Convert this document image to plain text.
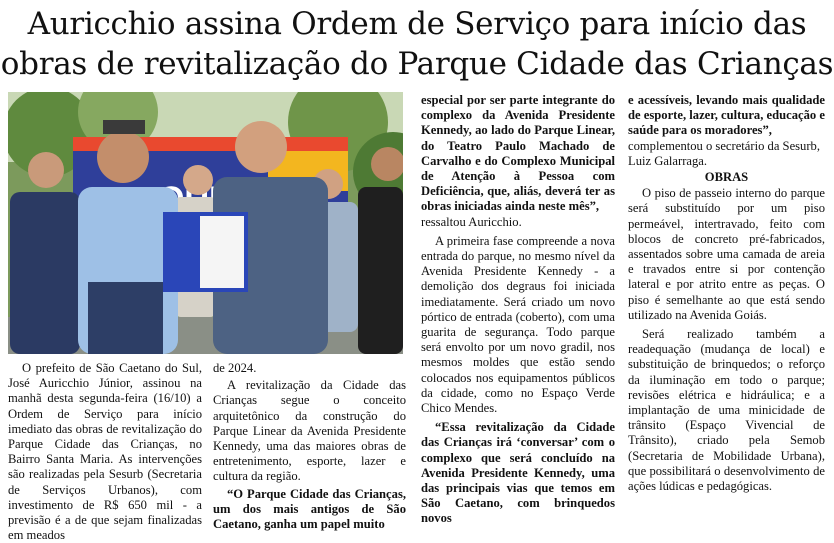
Auricchio assina Ordem de Serviço para início das
obras de revitalização do Parque Cidade das Crianças

O prefeito de São Caetano do Sul, José Auricchio Júnior, assinou na manhã desta segunda-feira (16/10) a Ordem de Serviço para início imediato das obras de revitalização do Parque Cidade das Crianças, no Bairro Santa Maria. As intervenções são realizadas pela Sesurb (Secretaria de Serviços Urbanos), com investimento de R$ 650 mil - a previsão é a de que sejam finalizadas em meados

de 2024.

A revitalização da Cidade das Crianças segue o conceito arquitetônico da construção do Parque Linear da Avenida Presidente Kennedy, uma das maiores obras de entretenimento, esporte, lazer e cultura da região.

“O Parque Cidade das Crianças, um dos mais antigos de São Caetano, ganha um papel muito

especial por ser parte integrante do complexo da Avenida Presidente Kennedy, ao lado do Parque Linear, do Teatro Paulo Machado de Carvalho e do Complexo Municipal de Atenção à Pessoa com Deficiência, que, aliás, deverá ter as obras iniciadas ainda neste mês”,

ressaltou Auricchio.

A primeira fase compreende a nova entrada do parque, no mesmo nível da Avenida Presidente Kennedy - a demolição dos degraus foi iniciada imediatamente. Será criado um novo pórtico de entrada (coberto), com uma guarita de segurança. Todo parque será envolto por um novo gradil, nos mesmos moldes que estão sendo colocados nos equipamentos públicos da cidade, como no Espaço Verde Chico Mendes.

“Essa revitalização da Cidade das Crianças irá ‘conversar’ com o complexo que será concluído na Avenida Presidente Kennedy, uma das principais vias que temos em São Caetano, com brinquedos novos

e acessíveis, levando mais qualidade de esporte, lazer, cultura, educação e saúde para os moradores”,

complementou o secretário da Sesurb, Luiz Galarraga.

OBRAS

O piso de passeio interno do parque será substituído por um piso permeável, intertravado, feito com blocos de concreto pré-fabricados, assentados sobre uma camada de areia e travados entre si por contenção lateral e por atrito entre as peças. O piso é semelhante ao que está sendo utilizado na Avenida Goiás.

Será realizado também a readequação (mudança de local) e substituição de brinquedos; o reforço da iluminação em todo o parque; revisões elétrica e hidráulica; e a implantação de uma minicidade de trânsito (Espaço Vivencial de Trânsito), criado pela Semob (Secretaria de Mobilidade Urbana), que possibilitará o desenvolvimento de ações lúdicas e pedagógicas.
